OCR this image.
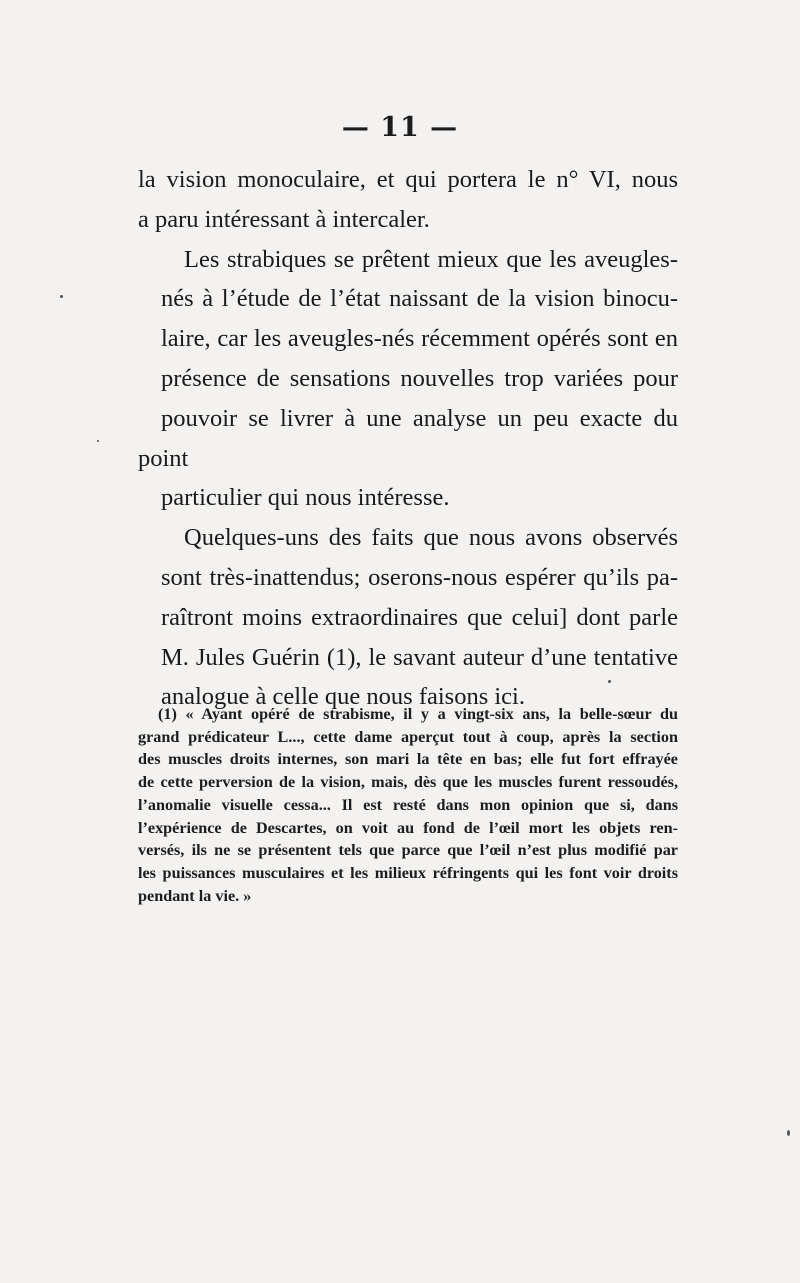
— 11 —

la vision monoculaire, et qui portera le n° VI, nous
a paru intéressant à intercaler.

Les strabiques se prêtent mieux que les aveugles-
nés à l’étude de l’état naissant de la vision binocu-
laire, car les aveugles-nés récemment opérés sont en
présence de sensations nouvelles trop variées pour
pouvoir se livrer à une analyse un peu exacte du point
particulier qui nous intéresse.

Quelques-uns des faits que nous avons observés
sont très-inattendus; oserons-nous espérer qu’ils pa-
raîtront moins extraordinaires que celui] dont parle
M. Jules Guérin (1), le savant auteur d’une tentative
analogue à celle que nous faisons ici.

(1) « Ayant opéré de strabisme, il y a vingt-six ans, la belle-sœur du
grand prédicateur L..., cette dame aperçut tout à coup, après la section
des muscles droits internes, son mari la tête en bas; elle fut fort effrayée
de cette perversion de la vision, mais, dès que les muscles furent ressoudés,
l’anomalie visuelle cessa... Il est resté dans mon opinion que si, dans
l’expérience de Descartes, on voit au fond de l’œil mort les objets ren-
versés, ils ne se présentent tels que parce que l’œil n’est plus modifié par
les puissances musculaires et les milieux réfringents qui les font voir droits
pendant la vie. »
